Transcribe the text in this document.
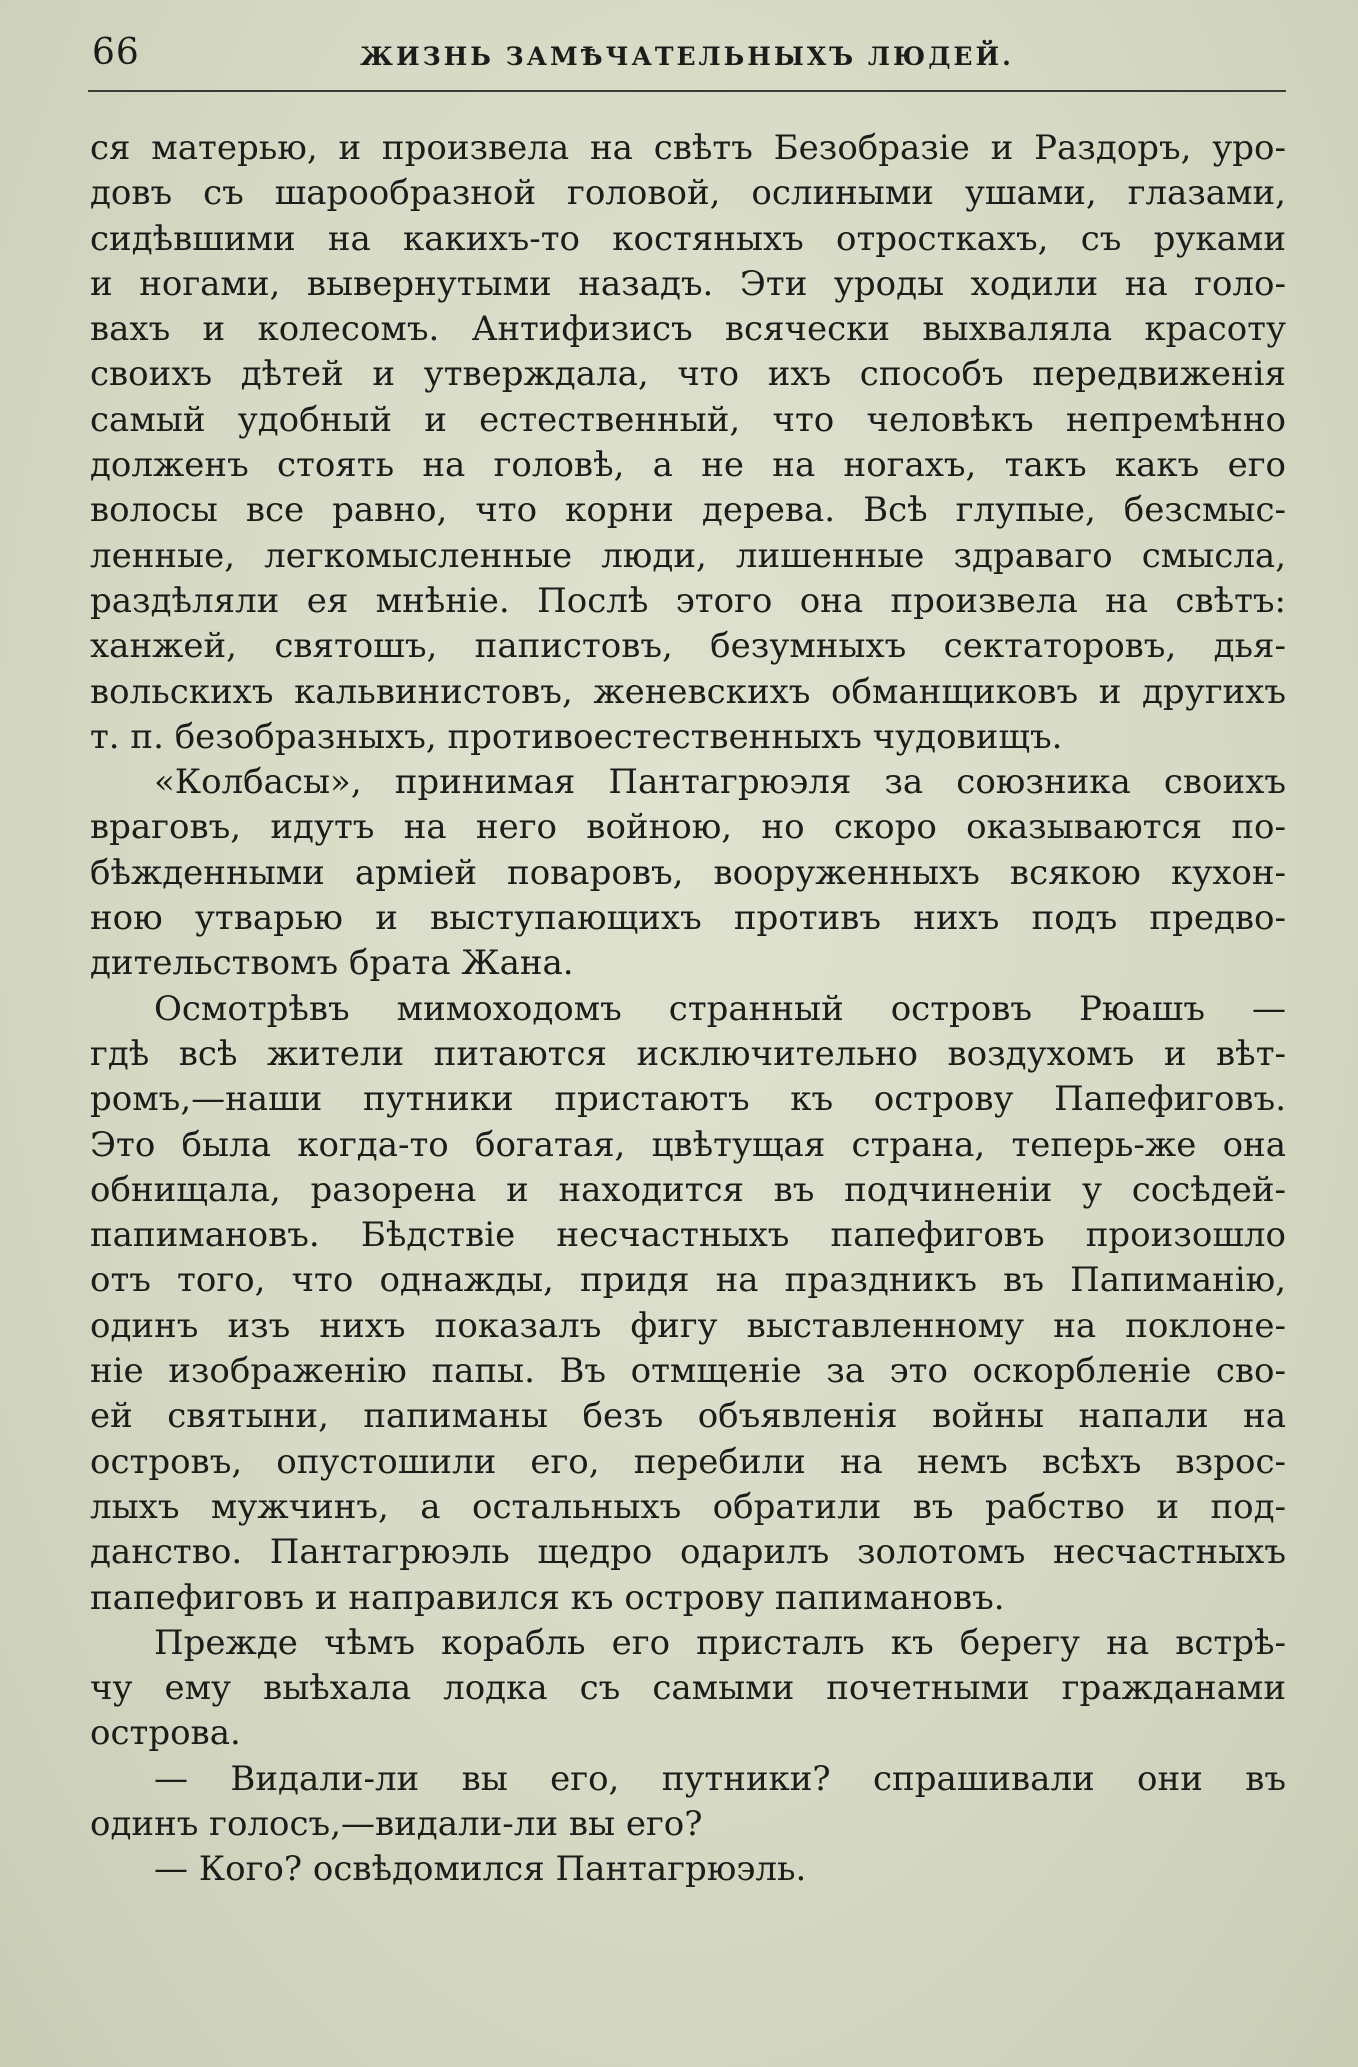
66	ЖИЗНЬ ЗАМѢЧАТЕЛЬНЫХЪ ЛЮДЕЙ.
ся матерью, и произвела на свѣтъ Безобразіе и Раздоръ, уро-
довъ съ шарообразной головой, ослиными ушами, глазами,
сидѣвшими на какихъ-то костяныхъ отросткахъ, съ руками
и ногами, вывернутыми назадъ. Эти уроды ходили на голо-
вахъ и колесомъ. Антифизисъ всячески выхваляла красоту
своихъ дѣтей и утверждала, что ихъ способъ передвиженія
самый удобный и естественный, что человѣкъ непремѣнно
долженъ стоять на головѣ, а не на ногахъ, такъ какъ его
волосы все равно, что корни дерева. Всѣ глупые, безсмыс-
ленные, легкомысленные люди, лишенные здраваго смысла,
раздѣляли ея мнѣніе. Послѣ этого она произвела на свѣтъ:
ханжей, святошъ, папистовъ, безумныхъ сектаторовъ, дья-
вольскихъ кальвинистовъ, женевскихъ обманщиковъ и другихъ
т. п. безобразныхъ, противоестественныхъ чудовищъ.
«Колбасы», принимая Пантагрюэля за союзника своихъ
враговъ, идутъ на него войною, но скоро оказываются по-
бѣжденными арміей поваровъ, вооруженныхъ всякою кухон-
ною утварью и выступающихъ противъ нихъ подъ предво-
дительствомъ брата Жана.
Осмотрѣвъ мимоходомъ странный островъ Рюашъ —
гдѣ всѣ жители питаются исключительно воздухомъ и вѣт-
ромъ,—наши путники пристаютъ къ острову Папефиговъ.
Это была когда-то богатая, цвѣтущая страна, теперь-же она
обнищала, разорена и находится въ подчиненіи у сосѣдей-
папимановъ. Бѣдствіе несчастныхъ папефиговъ произошло
отъ того, что однажды, придя на праздникъ въ Папиманію,
одинъ изъ нихъ показалъ фигу выставленному на поклоне-
ніе изображенію папы. Въ отмщеніе за это оскорбленіе сво-
ей святыни, папиманы безъ объявленія войны напали на
островъ, опустошили его, перебили на немъ всѣхъ взрос-
лыхъ мужчинъ, а остальныхъ обратили въ рабство и под-
данство. Пантагрюэль щедро одарилъ золотомъ несчастныхъ
папефиговъ и направился къ острову папимановъ.
Прежде чѣмъ корабль его присталъ къ берегу на встрѣ-
чу ему выѣхала лодка съ самыми почетными гражданами
острова.
— Видали-ли вы его, путники? спрашивали они въ
одинъ голосъ,—видали-ли вы его?
— Кого? освѣдомился Пантагрюэль.
